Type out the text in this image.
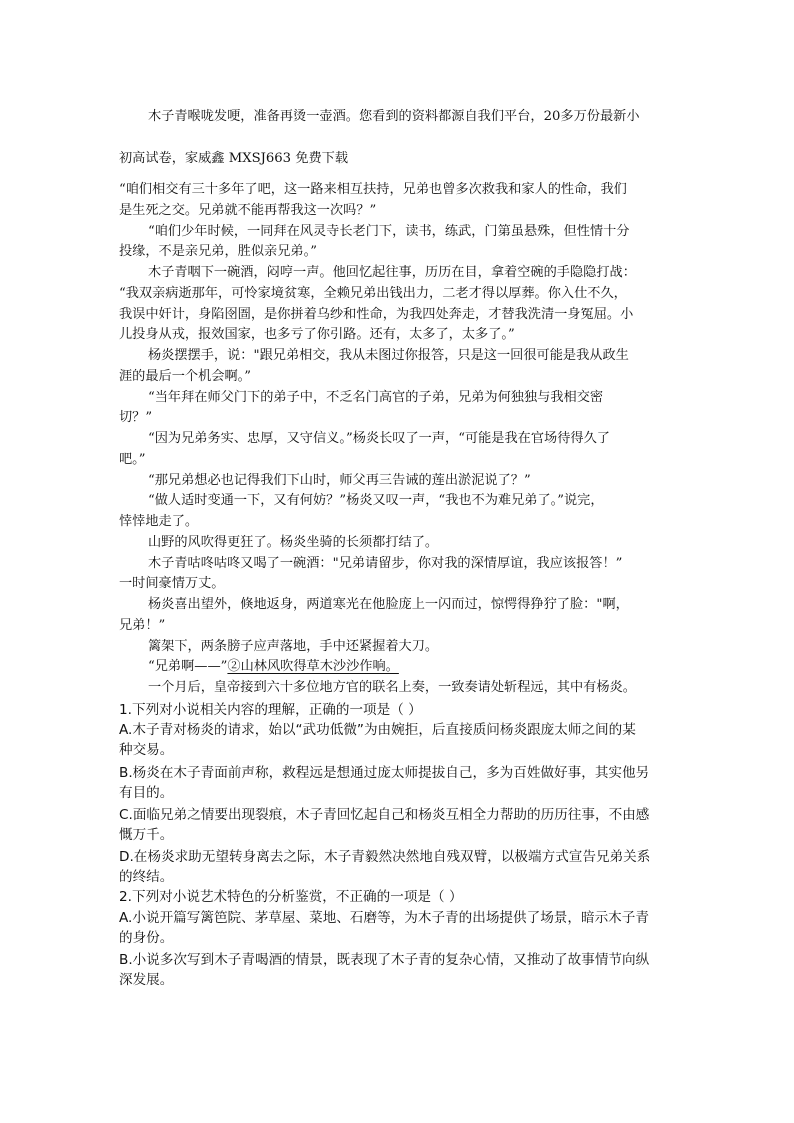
木子青喉咙发哽，准备再烫一壶酒。您看到的资料都源自我们平台，20多万份最新小
初高试卷，家威鑫 MXSJ663 免费下载
“咱们相交有三十多年了吧，这一路来相互扶持，兄弟也曾多次救我和家人的性命，我们
是生死之交。兄弟就不能再帮我这一次吗？”
“咱们少年时候，一同拜在风灵寺长老门下，读书，练武，门第虽悬殊，但性情十分
投缘，不是亲兄弟，胜似亲兄弟。”
木子青咽下一碗酒，闷哼一声。他回忆起往事，历历在目，拿着空碗的手隐隐打战：
“我双亲病逝那年，可怜家境贫寒，全赖兄弟出钱出力，二老才得以厚葬。你入仕不久，
我误中奸计，身陷囹圄，是你拼着乌纱和性命，为我四处奔走，才替我洗清一身冤屈。小
儿投身从戎，报效国家，也多亏了你引路。还有，太多了，太多了。”
杨炎摆摆手，说："跟兄弟相交，我从未图过你报答，只是这一回很可能是我从政生
涯的最后一个机会啊。”
“当年拜在师父门下的弟子中，不乏名门高官的子弟，兄弟为何独独与我相交密
切？”
“因为兄弟务实、忠厚，又守信义。”杨炎长叹了一声，“可能是我在官场待得久了
吧。”
“那兄弟想必也记得我们下山时，师父再三告诫的莲出淤泥说了？”
“做人适时变通一下，又有何妨？”杨炎又叹一声，“我也不为难兄弟了。”说完，
悻悻地走了。
山野的风吹得更狂了。杨炎坐骑的长须都打结了。
木子青咕咚咕咚又喝了一碗酒："兄弟请留步，你对我的深情厚谊，我应该报答！”
一时间豪情万丈。
杨炎喜出望外，倏地返身，两道寒光在他脸庞上一闪而过，惊愕得狰狞了脸："啊，
兄弟！”
篱架下，两条膀子应声落地，手中还紧握着大刀。
“兄弟啊——”②山林风吹得草木沙沙作响。
一个月后，皇帝接到六十多位地方官的联名上奏，一致奏请处斩程远，其中有杨炎。
1.下列对小说相关内容的理解，正确的一项是（ ）
A.木子青对杨炎的请求，始以“武功低微”为由婉拒，后直接质问杨炎跟庞太师之间的某
种交易。
B.杨炎在木子青面前声称，救程远是想通过庞太师提拔自己，多为百姓做好事，其实他另
有目的。
C.面临兄弟之情要出现裂痕，木子青回忆起自己和杨炎互相全力帮助的历历往事，不由感
慨万千。
D.在杨炎求助无望转身离去之际，木子青毅然决然地自残双臂，以极端方式宣告兄弟关系
的终结。
2.下列对小说艺术特色的分析鉴赏，不正确的一项是（ ）
A.小说开篇写篱笆院、茅草屋、菜地、石磨等，为木子青的出场提供了场景，暗示木子青
的身份。
B.小说多次写到木子青喝酒的情景，既表现了木子青的复杂心情，又推动了故事情节向纵
深发展。
